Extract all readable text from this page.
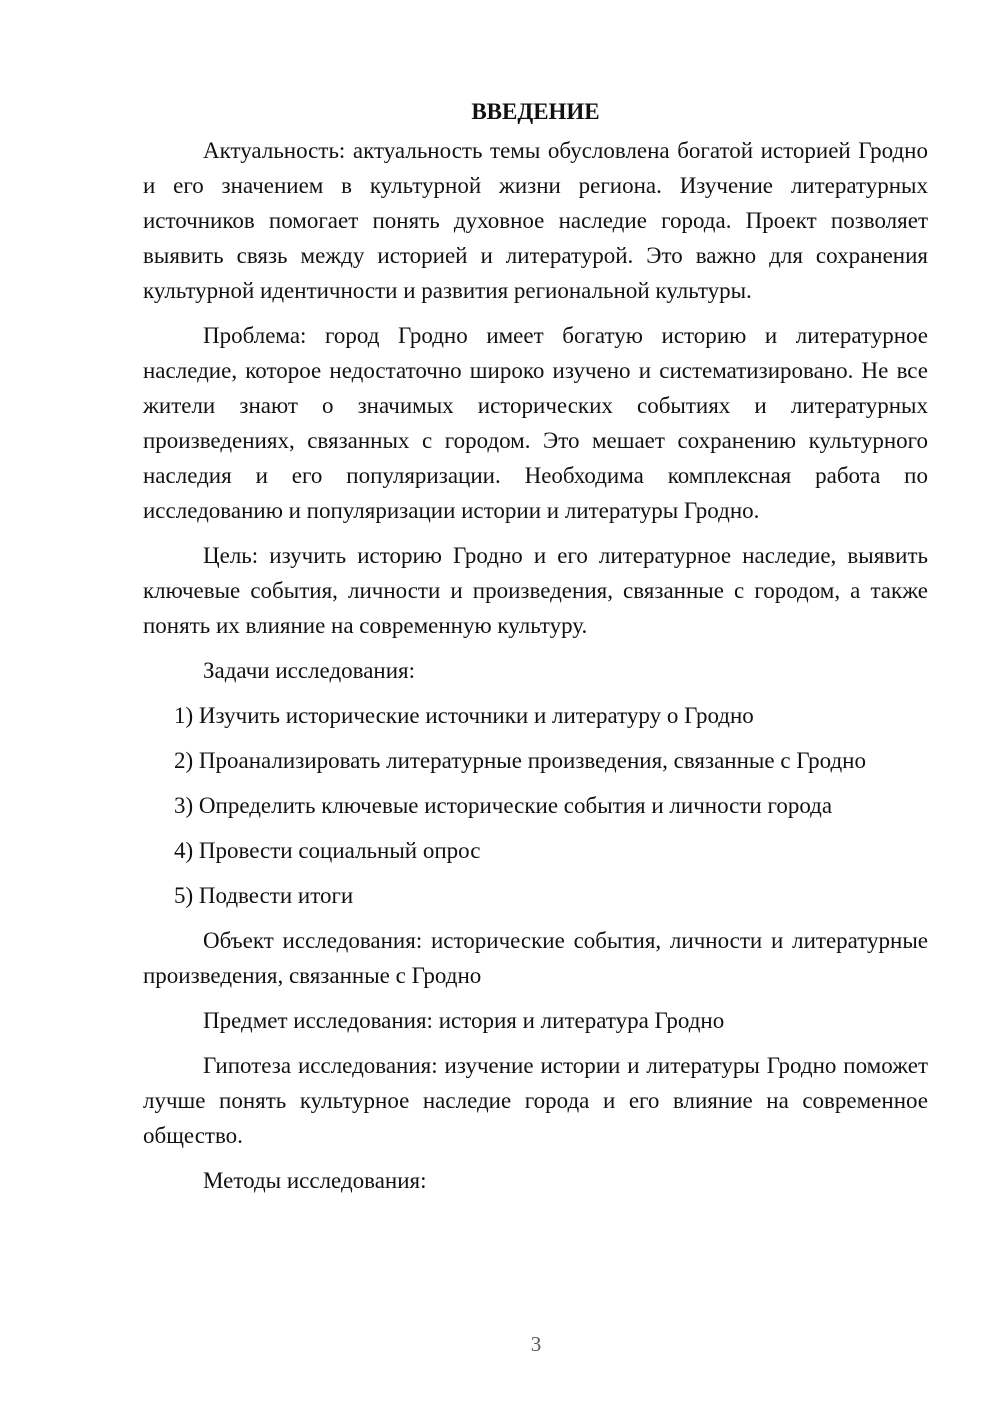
ВВЕДЕНИЕ

Актуальность: актуальность темы обусловлена богатой историей Гродно и его значением в культурной жизни региона. Изучение литературных источников помогает понять духовное наследие города. Проект позволяет выявить связь между историей и литературой. Это важно для сохранения культурной идентичности и развития региональной культуры.

Проблема: город Гродно имеет богатую историю и литературное наследие, которое недостаточно широко изучено и систематизировано. Не все жители знают о значимых исторических событиях и литературных произведениях, связанных с городом. Это мешает сохранению культурного наследия и его популяризации. Необходима комплексная работа по исследованию и популяризации истории и литературы Гродно.

Цель: изучить историю Гродно и его литературное наследие, выявить ключевые события, личности и произведения, связанные с городом, а также понять их влияние на современную культуру.

Задачи исследования:

1) Изучить исторические источники и литературу о Гродно

2) Проанализировать литературные произведения, связанные с Гродно

3) Определить ключевые исторические события и личности города

4) Провести социальный опрос

5) Подвести итоги

Объект исследования: исторические события, личности и литературные произведения, связанные с Гродно

Предмет исследования: история и литература Гродно

Гипотеза исследования: изучение истории и литературы Гродно поможет лучше понять культурное наследие города и его влияние на современное общество.

Методы исследования:

3
